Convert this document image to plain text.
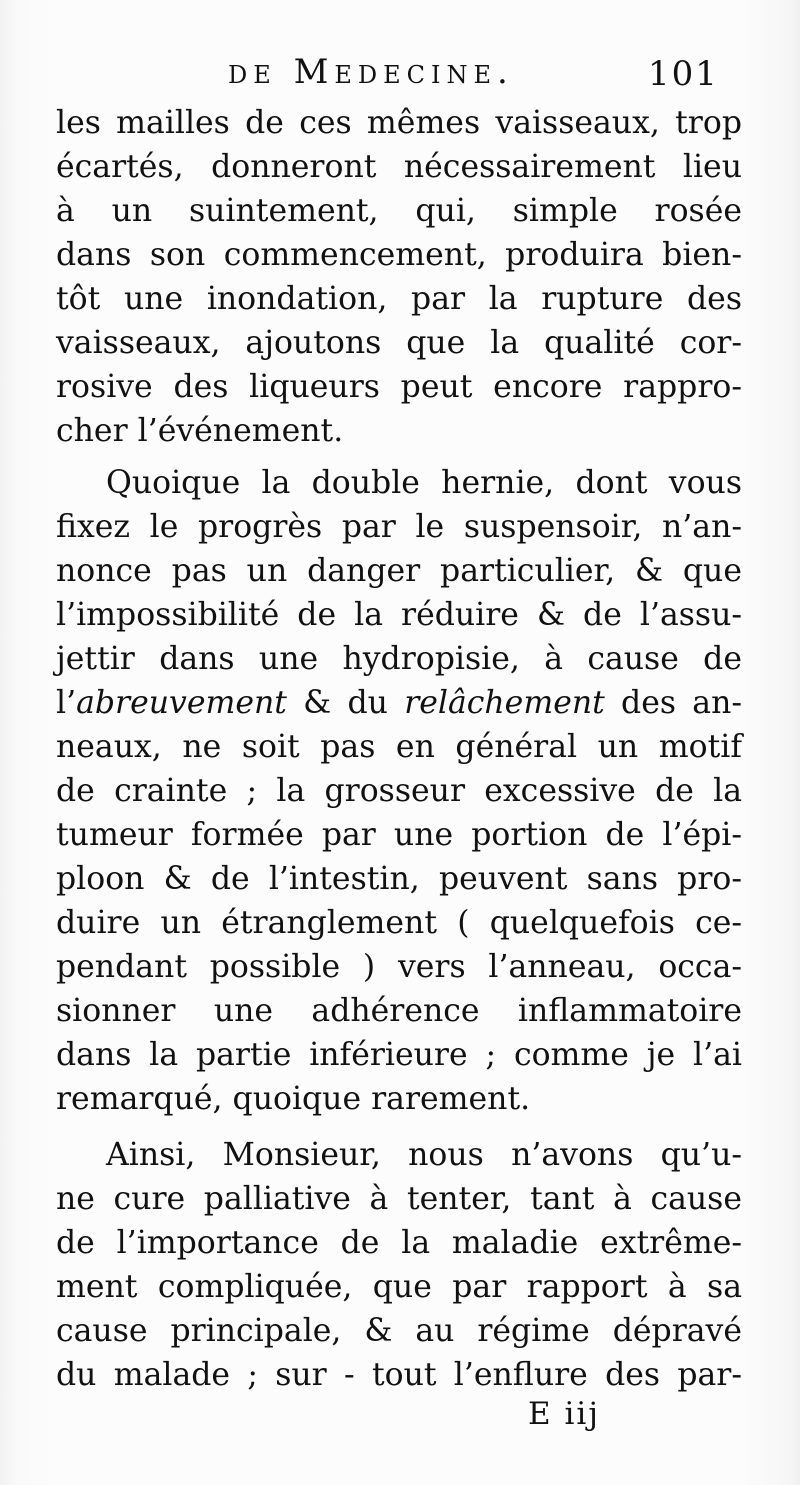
de Medecine.	101
les mailles de ces mêmes vaisseaux, trop
écartés, donneront nécessairement lieu
à un suintement, qui, simple rosée
dans son commencement, produira bien-
tôt une inondation, par la rupture des
vaisseaux, ajoutons que la qualité cor-
rosive des liqueurs peut encore rappro-
cher l’événement.
Quoique la double hernie, dont vous
fixez le progrès par le suspensoir, n’an-
nonce pas un danger particulier, & que
l’impossibilité de la réduire & de l’assu-
jettir dans une hydropisie, à cause de
l’abreuvement & du relâchement des an-
neaux, ne soit pas en général un motif
de crainte ; la grosseur excessive de la
tumeur formée par une portion de l’épi-
ploon & de l’intestin, peuvent sans pro-
duire un étranglement ( quelquefois ce-
pendant possible ) vers l’anneau, occa-
sionner une adhérence inflammatoire
dans la partie inférieure ; comme je l’ai
remarqué, quoique rarement.
Ainsi, Monsieur, nous n’avons qu’u-
ne cure palliative à tenter, tant à cause
de l’importance de la maladie extrême-
ment compliquée, que par rapport à sa
cause principale, & au régime dépravé
du malade ; sur - tout l’enflure des par-
E iij
